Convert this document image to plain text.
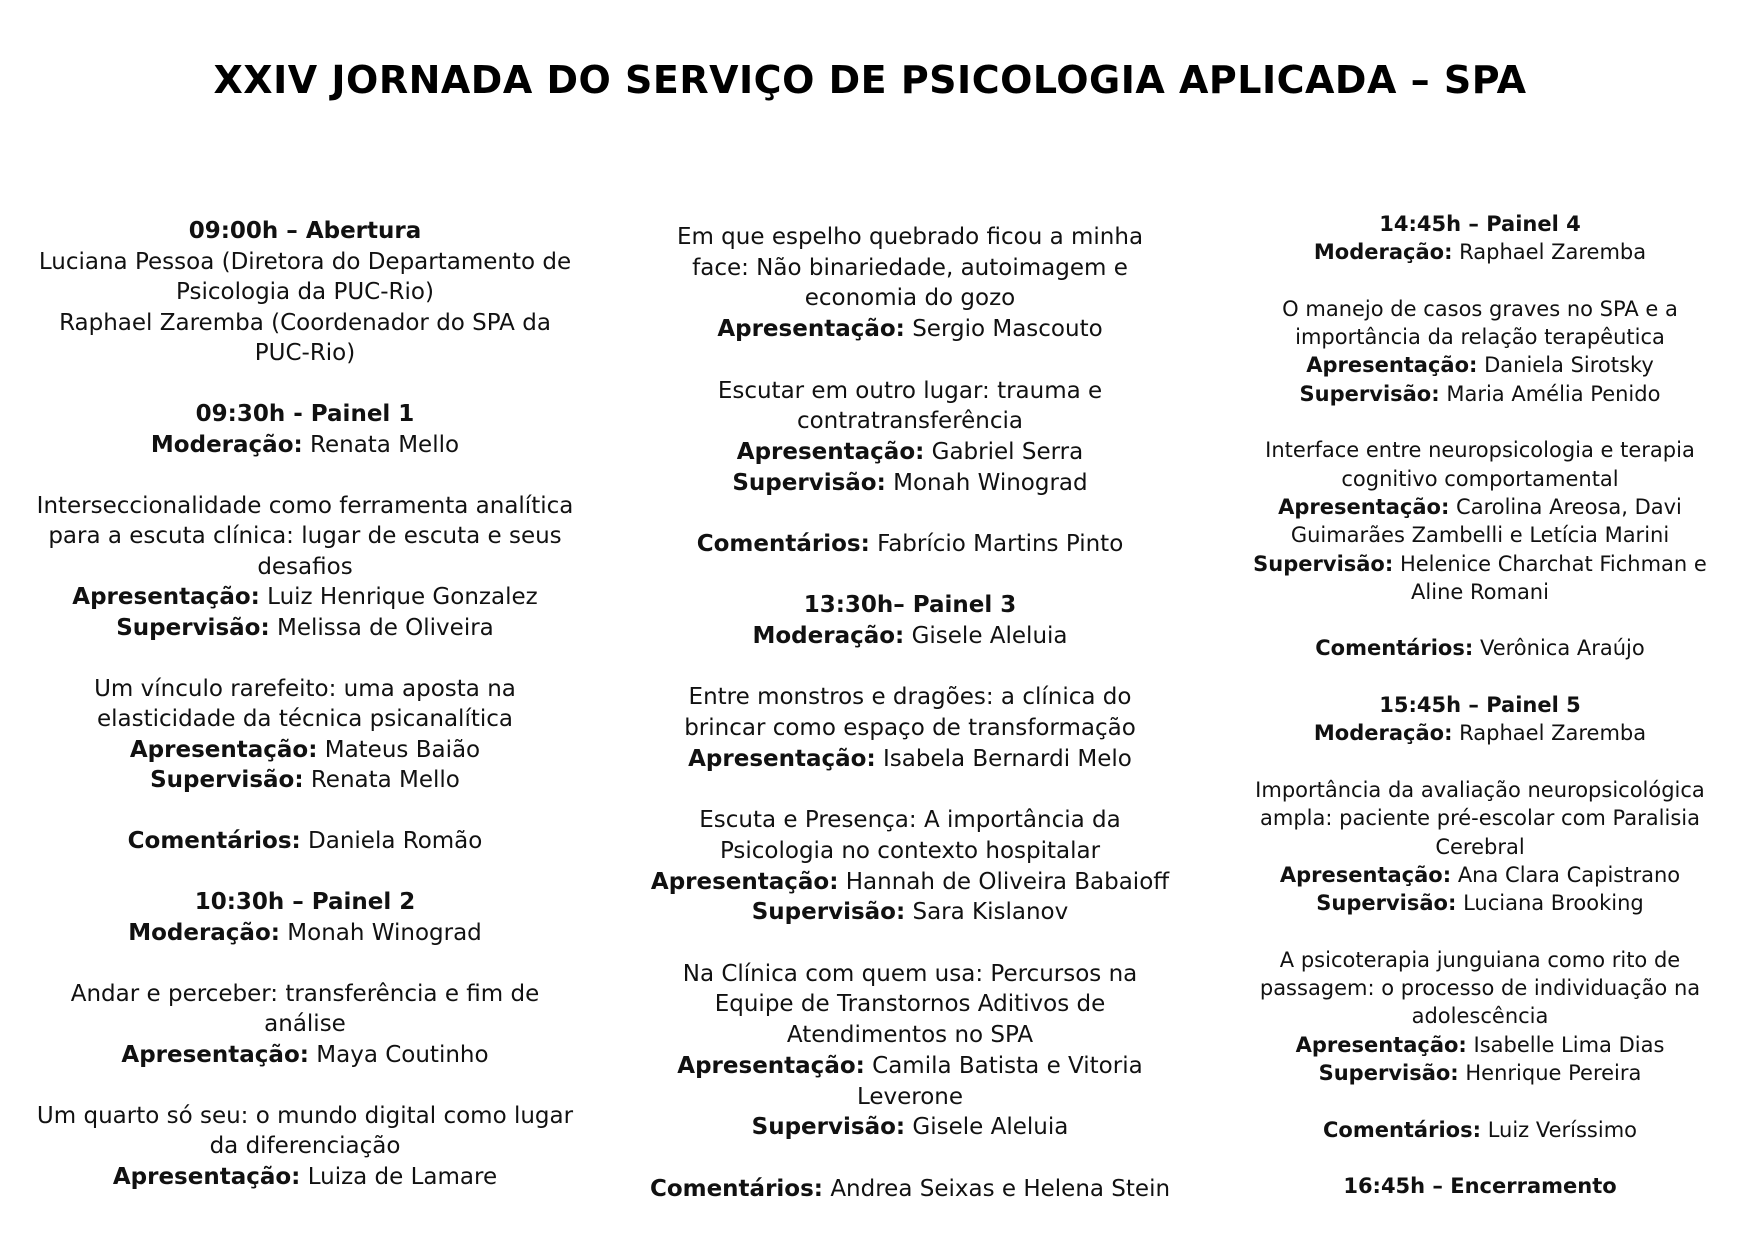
XXIV JORNADA DO SERVIÇO DE PSICOLOGIA APLICADA – SPA
09:00h – Abertura
Luciana Pessoa (Diretora do Departamento de
Psicologia da PUC-Rio)
Raphael Zaremba (Coordenador do SPA da
PUC-Rio)
09:30h - Painel 1
Moderação: Renata Mello
Interseccionalidade como ferramenta analítica
para a escuta clínica: lugar de escuta e seus
desafios
Apresentação: Luiz Henrique Gonzalez
Supervisão: Melissa de Oliveira
Um vínculo rarefeito: uma aposta na
elasticidade da técnica psicanalítica
Apresentação: Mateus Baião
Supervisão: Renata Mello
Comentários: Daniela Romão
10:30h – Painel 2
Moderação: Monah Winograd
Andar e perceber: transferência e fim de
análise
Apresentação: Maya Coutinho
Um quarto só seu: o mundo digital como lugar
da diferenciação
Apresentação: Luiza de Lamare
Em que espelho quebrado ficou a minha
face: Não binariedade, autoimagem e
economia do gozo
Apresentação: Sergio Mascouto
Escutar em outro lugar: trauma e
contratransferência
Apresentação: Gabriel Serra
Supervisão: Monah Winograd
Comentários: Fabrício Martins Pinto
13:30h– Painel 3
Moderação: Gisele Aleluia
Entre monstros e dragões: a clínica do
brincar como espaço de transformação
Apresentação: Isabela Bernardi Melo
Escuta e Presença: A importância da
Psicologia no contexto hospitalar
Apresentação: Hannah de Oliveira Babaioff
Supervisão: Sara Kislanov
Na Clínica com quem usa: Percursos na
Equipe de Transtornos Aditivos de
Atendimentos no SPA
Apresentação: Camila Batista e Vitoria
Leverone
Supervisão: Gisele Aleluia
Comentários: Andrea Seixas e Helena Stein
14:45h – Painel 4
Moderação: Raphael Zaremba
O manejo de casos graves no SPA e a
importância da relação terapêutica
Apresentação: Daniela Sirotsky
Supervisão: Maria Amélia Penido
Interface entre neuropsicologia e terapia
cognitivo comportamental
Apresentação: Carolina Areosa, Davi
Guimarães Zambelli e Letícia Marini
Supervisão: Helenice Charchat Fichman e
Aline Romani
Comentários: Verônica Araújo
15:45h – Painel 5
Moderação: Raphael Zaremba
Importância da avaliação neuropsicológica
ampla: paciente pré-escolar com Paralisia
Cerebral
Apresentação: Ana Clara Capistrano
Supervisão: Luciana Brooking
A psicoterapia junguiana como rito de
passagem: o processo de individuação na
adolescência
Apresentação: Isabelle Lima Dias
Supervisão: Henrique Pereira
Comentários: Luiz Veríssimo
16:45h – Encerramento
